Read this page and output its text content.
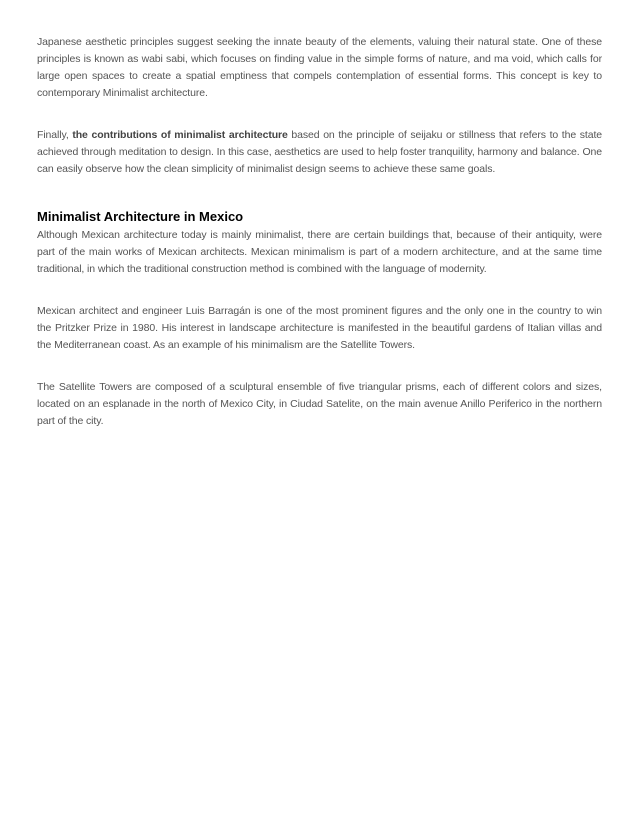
Japanese aesthetic principles suggest seeking the innate beauty of the elements, valuing their natural state. One of these principles is known as wabi sabi, which focuses on finding value in the simple forms of nature, and ma void, which calls for large open spaces to create a spatial emptiness that compels contemplation of essential forms. This concept is key to contemporary Minimalist architecture.

Finally, the contributions of minimalist architecture based on the principle of seijaku or stillness that refers to the state achieved through meditation to design. In this case, aesthetics are used to help foster tranquility, harmony and balance. One can easily observe how the clean simplicity of minimalist design seems to achieve these same goals.

Minimalist Architecture in Mexico

Although Mexican architecture today is mainly minimalist, there are certain buildings that, because of their antiquity, were part of the main works of Mexican architects. Mexican minimalism is part of a modern architecture, and at the same time traditional, in which the traditional construction method is combined with the language of modernity.

Mexican architect and engineer Luis Barragán is one of the most prominent figures and the only one in the country to win the Pritzker Prize in 1980. His interest in landscape architecture is manifested in the beautiful gardens of Italian villas and the Mediterranean coast. As an example of his minimalism are the Satellite Towers.

The Satellite Towers are composed of a sculptural ensemble of five triangular prisms, each of different colors and sizes, located on an esplanade in the north of Mexico City, in Ciudad Satelite, on the main avenue Anillo Periferico in the northern part of the city.
